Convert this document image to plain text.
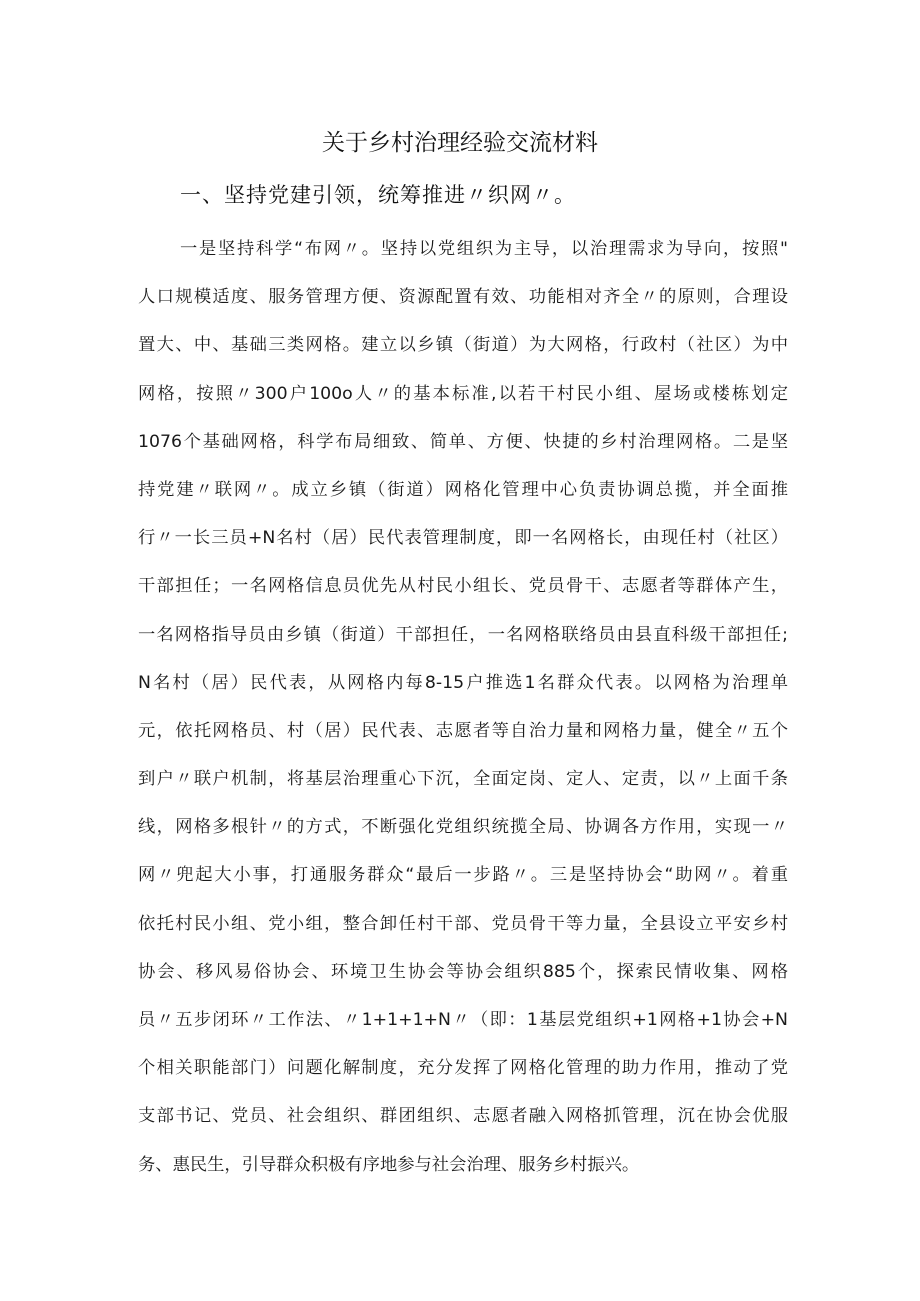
关于乡村治理经验交流材料
一、坚持党建引领，统筹推进〃织网〃。
一是坚持科学“布网〃。坚持以党组织为主导，以治理需求为导向，按照"
人口规模适度、服务管理方便、资源配置有效、功能相对齐全〃的原则，合理设
置大、中、基础三类网格。建立以乡镇（街道）为大网格，行政村（社区）为中
网格，按照〃300户100o人〃的基本标准,以若干村民小组、屋场或楼栋划定
1076个基础网格，科学布局细致、简单、方便、快捷的乡村治理网格。二是坚
持党建〃联网〃。成立乡镇（街道）网格化管理中心负责协调总揽，并全面推
行〃一长三员+N名村（居）民代表管理制度，即一名网格长，由现任村（社区）
干部担任；一名网格信息员优先从村民小组长、党员骨干、志愿者等群体产生，
一名网格指导员由乡镇（街道）干部担任，一名网格联络员由县直科级干部担任;
N名村（居）民代表，从网格内每8-15户推选1名群众代表。以网格为治理单
元，依托网格员、村（居）民代表、志愿者等自治力量和网格力量，健全〃五个
到户〃联户机制，将基层治理重心下沉，全面定岗、定人、定责，以〃上面千条
线，网格多根针〃的方式，不断强化党组织统揽全局、协调各方作用，实现一〃
网〃兜起大小事，打通服务群众“最后一步路〃。三是坚持协会“助网〃。着重
依托村民小组、党小组，整合卸任村干部、党员骨干等力量，全县设立平安乡村
协会、移风易俗协会、环境卫生协会等协会组织885个，探索民情收集、网格
员〃五步闭环〃工作法、〃1+1+1+N〃（即：1基层党组织+1网格+1协会+N
个相关职能部门）问题化解制度，充分发挥了网格化管理的助力作用，推动了党
支部书记、党员、社会组织、群团组织、志愿者融入网格抓管理，沉在协会优服
务、惠民生，引导群众积极有序地参与社会治理、服务乡村振兴。
